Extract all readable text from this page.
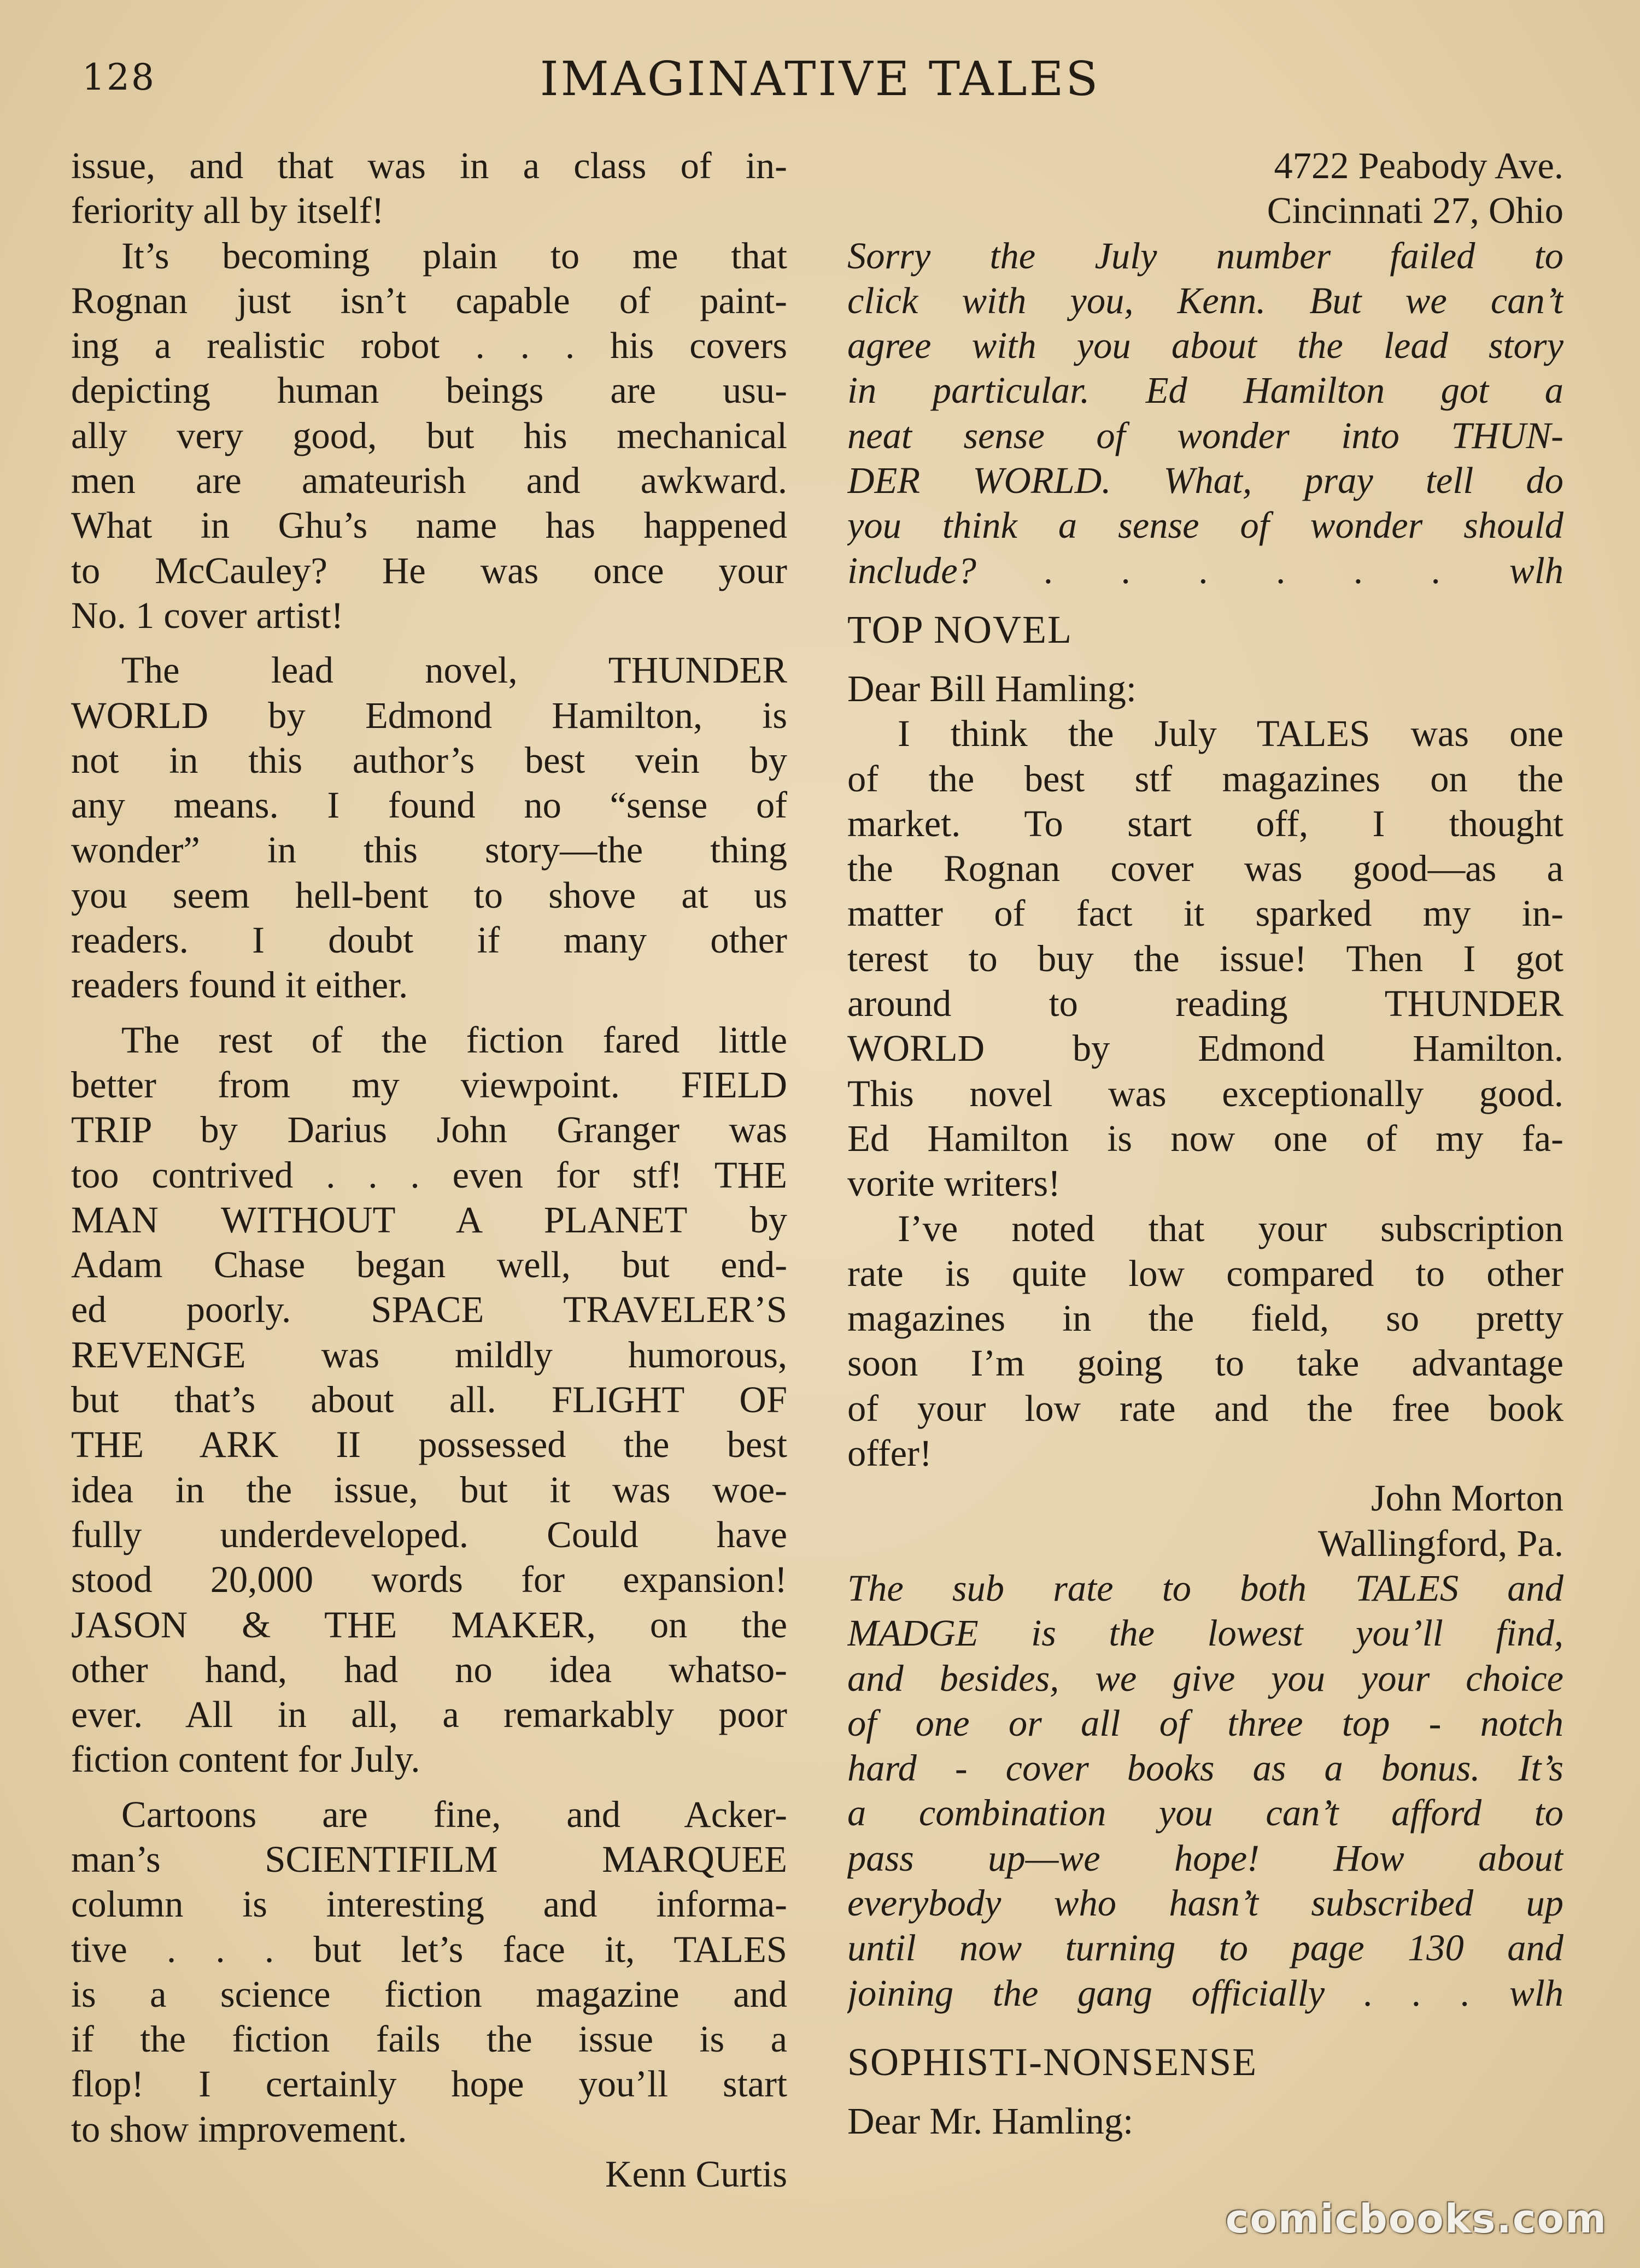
128	IMAGINATIVE TALES
issue, and that was in a class of in-
feriority all by itself!
It’s becoming plain to me that
Rognan just isn’t capable of paint-
ing a realistic robot . . . his covers
depicting human beings are usu-
ally very good, but his mechanical
men are amateurish and awkward.
What in Ghu’s name has happened
to McCauley? He was once your
No. 1 cover artist!
The lead novel, THUNDER
WORLD by Edmond Hamilton, is
not in this author’s best vein by
any means. I found no “sense of
wonder” in this story—the thing
you seem hell-bent to shove at us
readers. I doubt if many other
readers found it either.
The rest of the fiction fared little
better from my viewpoint. FIELD
TRIP by Darius John Granger was
too contrived . . . even for stf! THE
MAN WITHOUT A PLANET by
Adam Chase began well, but end-
ed poorly. SPACE TRAVELER’S
REVENGE was mildly humorous,
but that’s about all. FLIGHT OF
THE ARK II possessed the best
idea in the issue, but it was woe-
fully underdeveloped. Could have
stood 20,000 words for expansion!
JASON & THE MAKER, on the
other hand, had no idea whatso-
ever. All in all, a remarkably poor
fiction content for July.
Cartoons are fine, and Acker-
man’s SCIENTIFILM MARQUEE
column is interesting and informa-
tive . . . but let’s face it, TALES
is a science fiction magazine and
if the fiction fails the issue is a
flop! I certainly hope you’ll start
to show improvement.
Kenn Curtis
4722 Peabody Ave.
Cincinnati 27, Ohio
Sorry the July number failed to
click with you, Kenn. But we can’t
agree with you about the lead story
in particular. Ed Hamilton got a
neat sense of wonder into THUN-
DER WORLD. What, pray tell do
you think a sense of wonder should
include? . . . . . . wlh
TOP NOVEL
Dear Bill Hamling:
I think the July TALES was one
of the best stf magazines on the
market. To start off, I thought
the Rognan cover was good—as a
matter of fact it sparked my in-
terest to buy the issue! Then I got
around to reading THUNDER
WORLD by Edmond Hamilton.
This novel was exceptionally good.
Ed Hamilton is now one of my fa-
vorite writers!
I’ve noted that your subscription
rate is quite low compared to other
magazines in the field, so pretty
soon I’m going to take advantage
of your low rate and the free book
offer!
John Morton
Wallingford, Pa.
The sub rate to both TALES and
MADGE is the lowest you’ll find,
and besides, we give you your choice
of one or all of three top - notch
hard - cover books as a bonus. It’s
a combination you can’t afford to
pass up—we hope! How about
everybody who hasn’t subscribed up
until now turning to page 130 and
joining the gang officially . . . wlh
SOPHISTI-NONSENSE
Dear Mr. Hamling:
comicbooks.com
